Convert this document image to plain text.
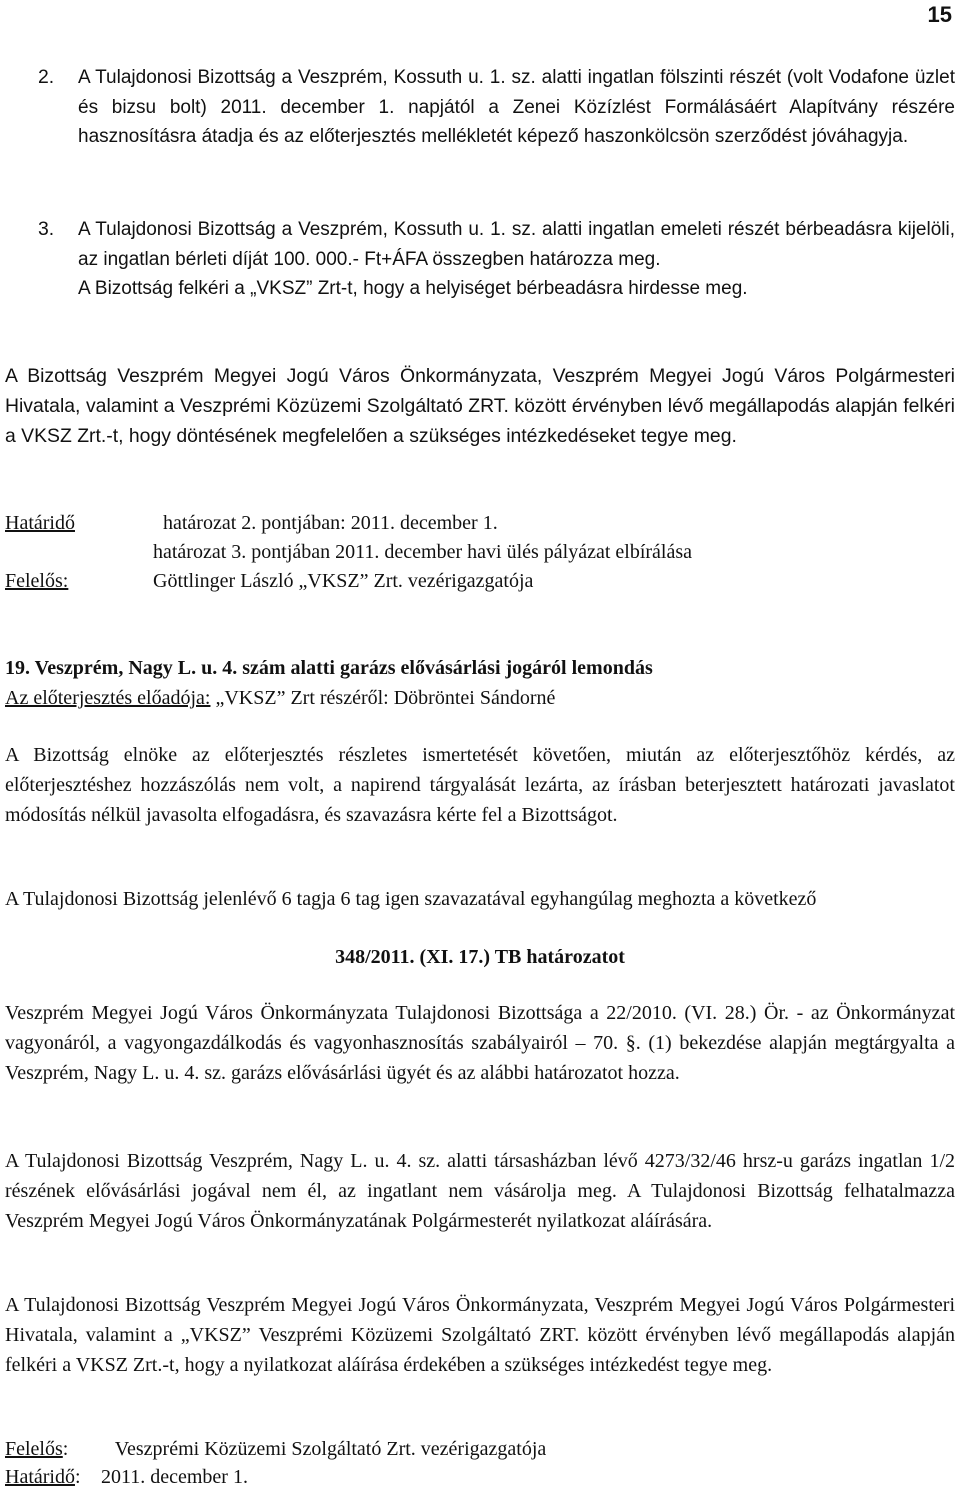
15
2.	A Tulajdonosi Bizottság a Veszprém, Kossuth u. 1. sz. alatti ingatlan fölszinti részét (volt Vodafone üzlet és bizsu bolt) 2011. december 1. napjától a Zenei Közízlést Formálásáért Alapítvány részére hasznosításra átadja és az előterjesztés mellékletét képező haszonkölcsön szerződést jóváhagyja.
3.	A Tulajdonosi Bizottság a Veszprém, Kossuth u. 1. sz. alatti ingatlan emeleti részét bérbeadásra kijelöli, az ingatlan bérleti díját 100. 000.- Ft+ÁFA összegben határozza meg.
A Bizottság felkéri a „VKSZ” Zrt-t, hogy a helyiséget bérbeadásra hirdesse meg.
A Bizottság Veszprém Megyei Jogú Város Önkormányzata, Veszprém Megyei Jogú Város Polgármesteri Hivatala, valamint a Veszprémi Közüzemi Szolgáltató ZRT. között érvényben lévő megállapodás alapján felkéri a VKSZ Zrt.-t, hogy döntésének megfelelően a szükséges intézkedéseket tegye meg.
Határidő	határozat 2. pontjában: 2011. december 1.
határozat 3. pontjában 2011. december havi ülés pályázat elbírálása
Felelős:	Göttlinger László „VKSZ” Zrt. vezérigazgatója
19. Veszprém, Nagy L. u. 4. szám alatti garázs elővásárlási jogáról lemondás
Az előterjesztés előadója: „VKSZ” Zrt részéről: Döbröntei Sándorné
A Bizottság elnöke az előterjesztés részletes ismertetését követően, miután az előterjesztőhöz kérdés, az előterjesztéshez hozzászólás nem volt, a napirend tárgyalását lezárta, az írásban beterjesztett határozati javaslatot módosítás nélkül javasolta elfogadásra, és szavazásra kérte fel a Bizottságot.
A Tulajdonosi Bizottság jelenlévő 6 tagja 6 tag igen szavazatával egyhangúlag meghozta a következő
348/2011. (XI. 17.) TB határozatot
Veszprém Megyei Jogú Város Önkormányzata Tulajdonosi Bizottsága a 22/2010. (VI. 28.) Ör. - az Önkormányzat vagyonáról, a vagyongazdálkodás és vagyonhasznosítás szabályairól – 70. §. (1) bekezdése alapján megtárgyalta a Veszprém, Nagy L. u. 4. sz. garázs elővásárlási ügyét és az alábbi határozatot hozza.
A Tulajdonosi Bizottság Veszprém, Nagy L. u. 4. sz. alatti társasházban lévő 4273/32/46 hrsz-u garázs ingatlan 1/2 részének elővásárlási jogával nem él, az ingatlant nem vásárolja meg. A Tulajdonosi Bizottság felhatalmazza Veszprém Megyei Jogú Város Önkormányzatának Polgármesterét nyilatkozat aláírására.
A Tulajdonosi Bizottság Veszprém Megyei Jogú Város Önkormányzata, Veszprém Megyei Jogú Város Polgármesteri Hivatala, valamint a „VKSZ” Veszprémi Közüzemi Szolgáltató ZRT. között érvényben lévő megállapodás alapján felkéri a VKSZ Zrt.-t, hogy a nyilatkozat aláírása érdekében a szükséges intézkedést tegye meg.
Felelős: Veszprémi Közüzemi Szolgáltató Zrt. vezérigazgatója
Határidő: 2011. december 1.
